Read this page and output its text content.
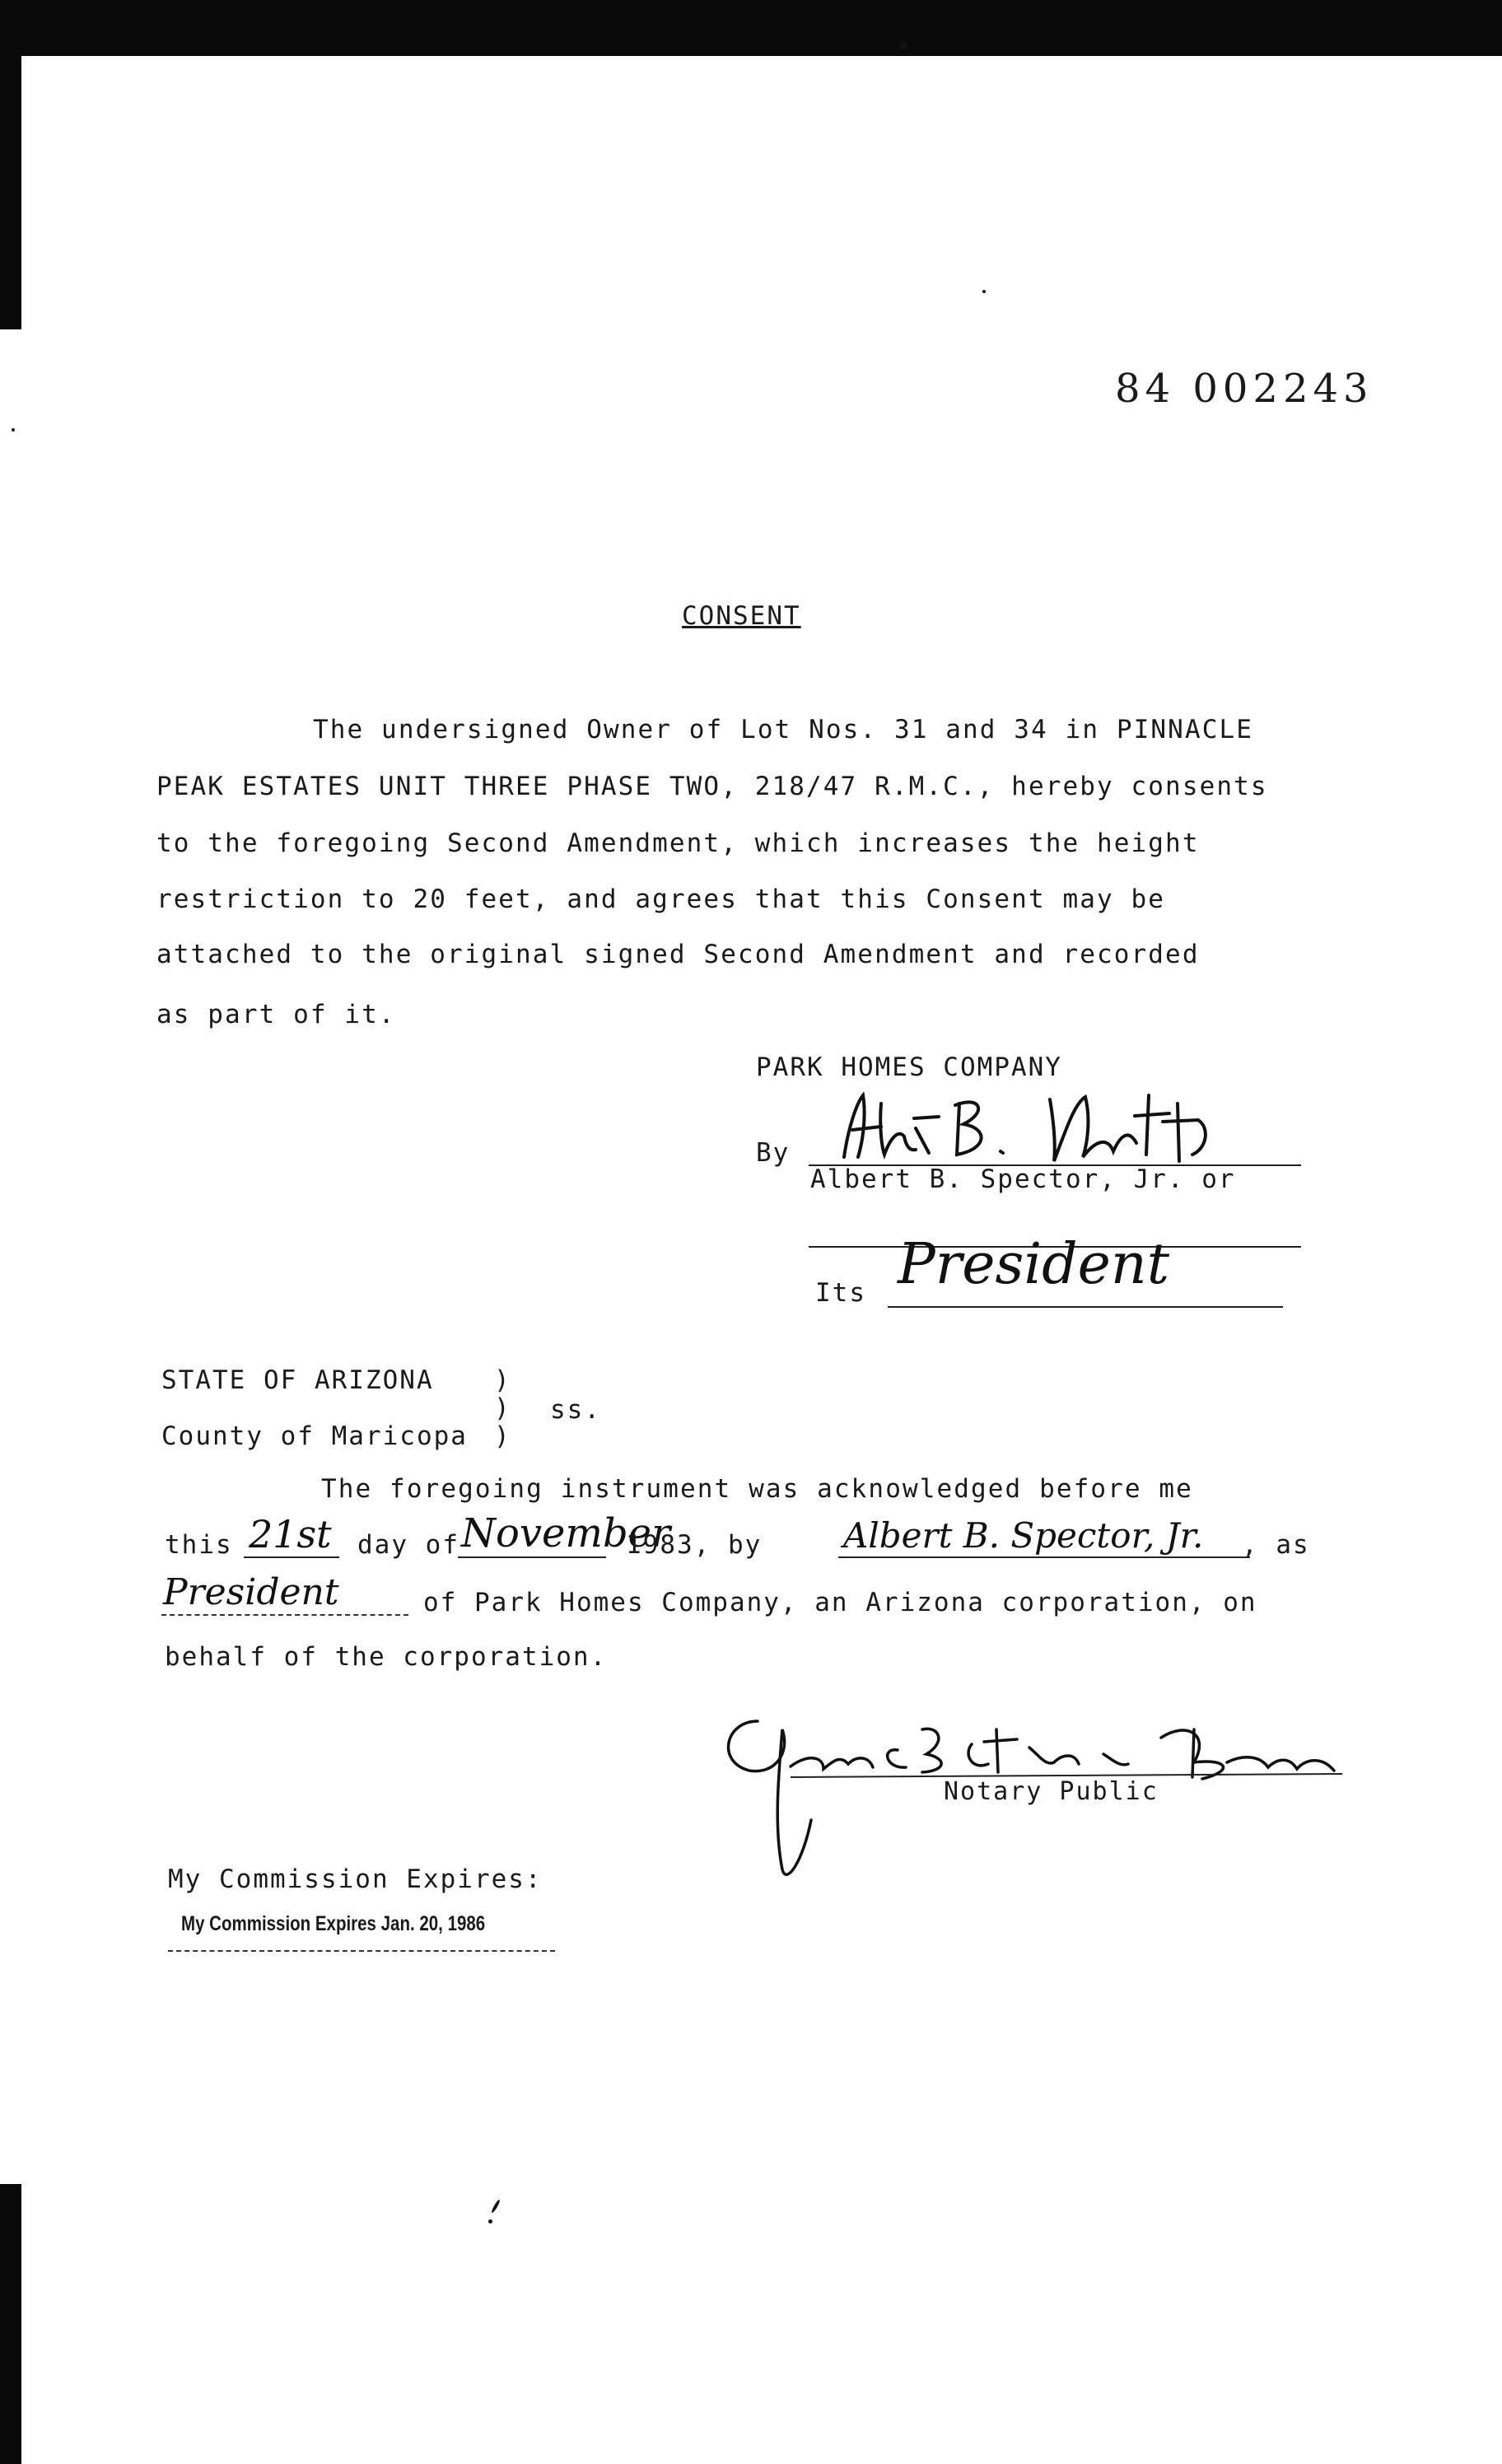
84 002243
CONSENT
The undersigned Owner of Lot Nos. 31 and 34 in PINNACLE
PEAK ESTATES UNIT THREE PHASE TWO, 218/47 R.M.C., hereby consents
to the foregoing Second Amendment, which increases the height
restriction to 20 feet, and agrees that this Consent may be
attached to the original signed Second Amendment and recorded
as part of it.
PARK HOMES COMPANY
By
Albert B. Spector, Jr. or
Its President
STATE OF ARIZONA )
)
)
ss.
County of Maricopa
The foregoing instrument was acknowledged before me
this 21st day of November
1983, by Albert B. Spector, Jr. , as
President	of Park Homes Company, an Arizona corporation, on
behalf of the corporation.
Notary Public
My Commission Expires:
My Commission Expires Jan. 20, 1986
